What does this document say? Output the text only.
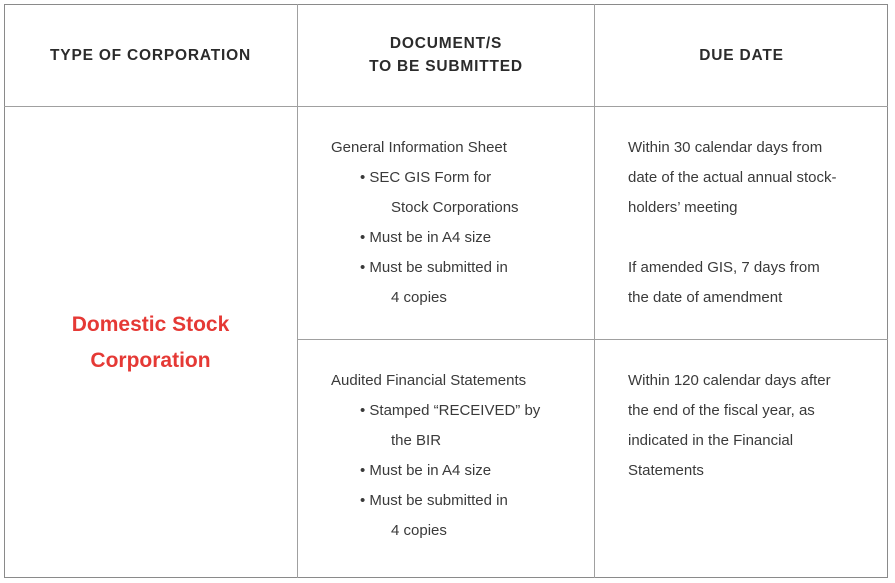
TYPE OF CORPORATION
DOCUMENT/S
TO BE SUBMITTED
DUE DATE
Domestic Stock
Corporation
General Information Sheet
• SEC GIS Form for
Stock Corporations
• Must be in A4 size
• Must be submitted in
4 copies
Within 30 calendar days from
date of the actual annual stock-
holders’ meeting
If amended GIS, 7 days from
the date of amendment
Audited Financial Statements
• Stamped “RECEIVED” by
the BIR
• Must be in A4 size
• Must be submitted in
4 copies
Within 120 calendar days after
the end of the fiscal year, as
indicated in the Financial
Statements
